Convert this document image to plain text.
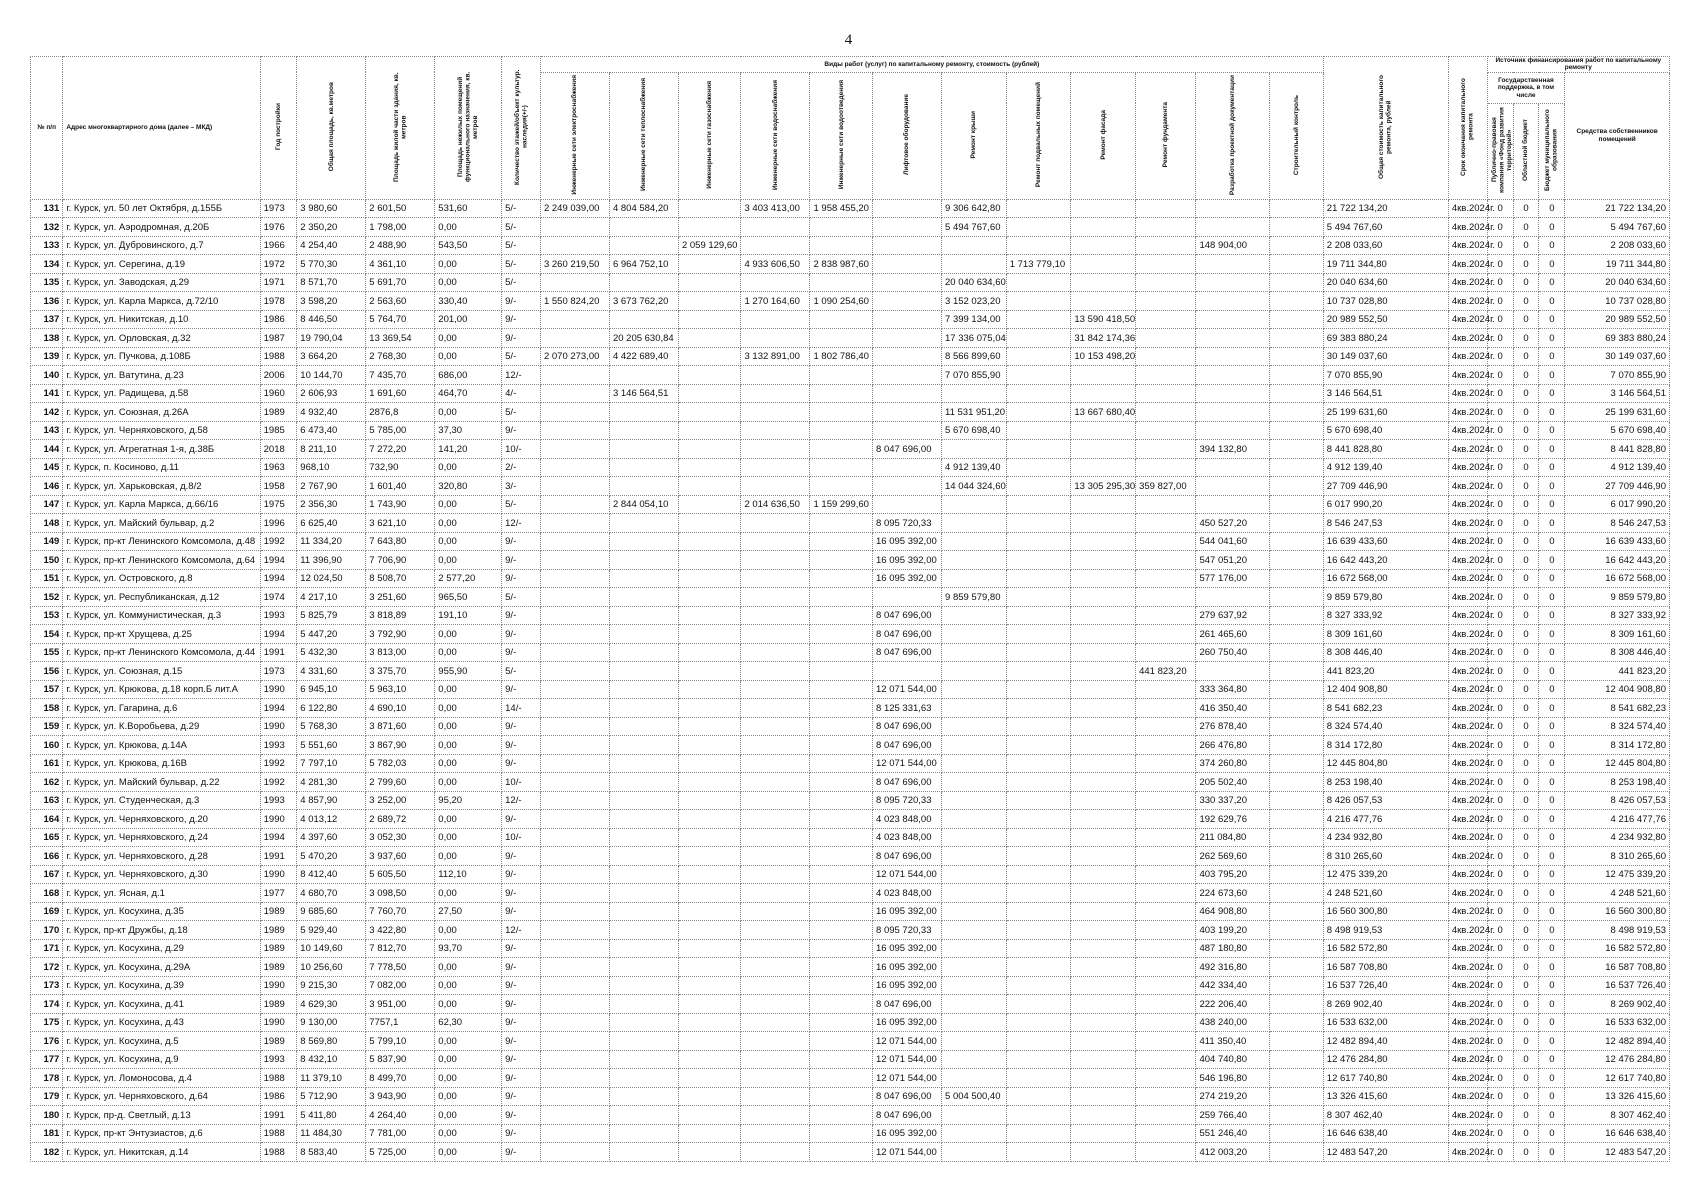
4
№ п/п	Адрес многоквартирного дома (далее – МКД)	Год постройки	Общая площадь, кв.метров	Площадь жилой части здания, кв. метров	Площадь нежилых помещений функционального назначения, кв. метров	Количество этажей/объект культур. наследия(+/-)	Виды работ (услуг) по капитальному ремонту, стоимость (рублей)												Общая стоимость капитального ремонта, рублей	Срок окончания капитального ремонта	Источник финансирования работ по капитальному ремонту			
							Инженерные сети электроснабжения	Инженерные сети теплоснабжения	Инженерные сети газоснабжения	Инженерные сети водоснабжения	Инженерные сети водоотведения	Лифтовое оборудование	Ремонт крыши	Ремонт подвальных помещений	Ремонт фасада	Ремонт фундамента	Разработка проектной документации	Строительный контроль			Государственная поддержка, в том числе			Средства собственников помещений
																					Публично-правовая компания «Фонд развития территорий»	Областной бюджет	Бюджет муниципального образования	
131	г. Курск, ул. 50 лет Октября, д.155Б	1973	3 980,60	2 601,50	531,60	5/-	2 249 039,00	4 804 584,20		3 403 413,00	1 958 455,20		9 306 642,80						21 722 134,20	4кв.2024г.	0	0	0	21 722 134,20
132	г. Курск, ул. Аэродромная, д.20Б	1976	2 350,20	1 798,00	0,00	5/-							5 494 767,60						5 494 767,60	4кв.2024г.	0	0	0	5 494 767,60
133	г. Курск, ул. Дубровинского, д.7	1966	4 254,40	2 488,90	543,50	5/-			2 059 129,60								148 904,00		2 208 033,60	4кв.2024г.	0	0	0	2 208 033,60
134	г. Курск, ул. Серегина, д.19	1972	5 770,30	4 361,10	0,00	5/-	3 260 219,50	6 964 752,10		4 933 606,50	2 838 987,60			1 713 779,10					19 711 344,80	4кв.2024г.	0	0	0	19 711 344,80
135	г. Курск, ул. Заводская, д.29	1971	8 571,70	5 691,70	0,00	5/-							20 040 634,60						20 040 634,60	4кв.2024г.	0	0	0	20 040 634,60
136	г. Курск, ул. Карла Маркса, д.72/10	1978	3 598,20	2 563,60	330,40	9/-	1 550 824,20	3 673 762,20		1 270 164,60	1 090 254,60		3 152 023,20						10 737 028,80	4кв.2024г.	0	0	0	10 737 028,80
137	г. Курск, ул. Никитская, д.10	1986	8 446,50	5 764,70	201,00	9/-							7 399 134,00		13 590 418,50				20 989 552,50	4кв.2024г.	0	0	0	20 989 552,50
138	г. Курск, ул. Орловская, д.32	1987	19 790,04	13 369,54	0,00	9/-		20 205 630,84					17 336 075,04		31 842 174,36				69 383 880,24	4кв.2024г.	0	0	0	69 383 880,24
139	г. Курск, ул. Пучкова, д.108Б	1988	3 664,20	2 768,30	0,00	5/-	2 070 273,00	4 422 689,40		3 132 891,00	1 802 786,40		8 566 899,60		10 153 498,20				30 149 037,60	4кв.2024г.	0	0	0	30 149 037,60
140	г. Курск, ул. Ватутина, д.23	2006	10 144,70	7 435,70	686,00	12/-							7 070 855,90						7 070 855,90	4кв.2024г.	0	0	0	7 070 855,90
141	г. Курск, ул. Радищева, д.58	1960	2 606,93	1 691,60	464,70	4/-		3 146 564,51											3 146 564,51	4кв.2024г.	0	0	0	3 146 564,51
142	г. Курск, ул. Союзная, д.26А	1989	4 932,40	2876,8	0,00	5/-							11 531 951,20		13 667 680,40				25 199 631,60	4кв.2024г.	0	0	0	25 199 631,60
143	г. Курск, ул. Черняховского, д.58	1985	6 473,40	5 785,00	37,30	9/-							5 670 698,40						5 670 698,40	4кв.2024г.	0	0	0	5 670 698,40
144	г. Курск, ул. Агрегатная 1-я, д.38Б	2018	8 211,10	7 272,20	141,20	10/-						8 047 696,00					394 132,80		8 441 828,80	4кв.2024г.	0	0	0	8 441 828,80
145	г. Курск, п. Косиново, д.11	1963	968,10	732,90	0,00	2/-							4 912 139,40						4 912 139,40	4кв.2024г.	0	0	0	4 912 139,40
146	г. Курск, ул. Харьковская, д.8/2	1958	2 767,90	1 601,40	320,80	3/-							14 044 324,60		13 305 295,30	359 827,00			27 709 446,90	4кв.2024г.	0	0	0	27 709 446,90
147	г. Курск, ул. Карла Маркса, д.66/16	1975	2 356,30	1 743,90	0,00	5/-		2 844 054,10		2 014 636,50	1 159 299,60								6 017 990,20	4кв.2024г.	0	0	0	6 017 990,20
148	г. Курск, ул. Майский бульвар, д.2	1996	6 625,40	3 621,10	0,00	12/-						8 095 720,33					450 527,20		8 546 247,53	4кв.2024г.	0	0	0	8 546 247,53
149	г. Курск, пр-кт Ленинского Комсомола, д.48	1992	11 334,20	7 643,80	0,00	9/-						16 095 392,00					544 041,60		16 639 433,60	4кв.2024г.	0	0	0	16 639 433,60
150	г. Курск, пр-кт Ленинского Комсомола, д.64	1994	11 396,90	7 706,90	0,00	9/-						16 095 392,00					547 051,20		16 642 443,20	4кв.2024г.	0	0	0	16 642 443,20
151	г. Курск, ул. Островского, д.8	1994	12 024,50	8 508,70	2 577,20	9/-						16 095 392,00					577 176,00		16 672 568,00	4кв.2024г.	0	0	0	16 672 568,00
152	г. Курск, ул. Республиканская, д.12	1974	4 217,10	3 251,60	965,50	5/-							9 859 579,80						9 859 579,80	4кв.2024г.	0	0	0	9 859 579,80
153	г. Курск, ул. Коммунистическая, д.3	1993	5 825,79	3 818,89	191,10	9/-						8 047 696,00					279 637,92		8 327 333,92	4кв.2024г.	0	0	0	8 327 333,92
154	г. Курск, пр-кт Хрущева, д.25	1994	5 447,20	3 792,90	0,00	9/-						8 047 696,00					261 465,60		8 309 161,60	4кв.2024г.	0	0	0	8 309 161,60
155	г. Курск, пр-кт Ленинского Комсомола, д.44	1991	5 432,30	3 813,00	0,00	9/-						8 047 696,00					260 750,40		8 308 446,40	4кв.2024г.	0	0	0	8 308 446,40
156	г. Курск, ул. Союзная, д.15	1973	4 331,60	3 375,70	955,90	5/-										441 823,20			441 823,20	4кв.2024г.	0	0	0	441 823,20
157	г. Курск, ул. Крюкова, д.18 корп.Б лит.А	1990	6 945,10	5 963,10	0,00	9/-						12 071 544,00					333 364,80		12 404 908,80	4кв.2024г.	0	0	0	12 404 908,80
158	г. Курск, ул. Гагарина, д.6	1994	6 122,80	4 690,10	0,00	14/-						8 125 331,63					416 350,40		8 541 682,23	4кв.2024г.	0	0	0	8 541 682,23
159	г. Курск, ул. К.Воробьева, д.29	1990	5 768,30	3 871,60	0,00	9/-						8 047 696,00					276 878,40		8 324 574,40	4кв.2024г.	0	0	0	8 324 574,40
160	г. Курск, ул. Крюкова, д.14А	1993	5 551,60	3 867,90	0,00	9/-						8 047 696,00					266 476,80		8 314 172,80	4кв.2024г.	0	0	0	8 314 172,80
161	г. Курск, ул. Крюкова, д.16В	1992	7 797,10	5 782,03	0,00	9/-						12 071 544,00					374 260,80		12 445 804,80	4кв.2024г.	0	0	0	12 445 804,80
162	г. Курск, ул. Майский бульвар, д.22	1992	4 281,30	2 799,60	0,00	10/-						8 047 696,00					205 502,40		8 253 198,40	4кв.2024г.	0	0	0	8 253 198,40
163	г. Курск, ул. Студенческая, д.3	1993	4 857,90	3 252,00	95,20	12/-						8 095 720,33					330 337,20		8 426 057,53	4кв.2024г.	0	0	0	8 426 057,53
164	г. Курск, ул. Черняховского, д.20	1990	4 013,12	2 689,72	0,00	9/-						4 023 848,00					192 629,76		4 216 477,76	4кв.2024г.	0	0	0	4 216 477,76
165	г. Курск, ул. Черняховского, д.24	1994	4 397,60	3 052,30	0,00	10/-						4 023 848,00					211 084,80		4 234 932,80	4кв.2024г.	0	0	0	4 234 932,80
166	г. Курск, ул. Черняховского, д.28	1991	5 470,20	3 937,60	0,00	9/-						8 047 696,00					262 569,60		8 310 265,60	4кв.2024г.	0	0	0	8 310 265,60
167	г. Курск, ул. Черняховского, д.30	1990	8 412,40	5 605,50	112,10	9/-						12 071 544,00					403 795,20		12 475 339,20	4кв.2024г.	0	0	0	12 475 339,20
168	г. Курск, ул. Ясная, д.1	1977	4 680,70	3 098,50	0,00	9/-						4 023 848,00					224 673,60		4 248 521,60	4кв.2024г.	0	0	0	4 248 521,60
169	г. Курск, ул. Косухина, д.35	1989	9 685,60	7 760,70	27,50	9/-						16 095 392,00					464 908,80		16 560 300,80	4кв.2024г.	0	0	0	16 560 300,80
170	г. Курск, пр-кт Дружбы, д.18	1989	5 929,40	3 422,80	0,00	12/-						8 095 720,33					403 199,20		8 498 919,53	4кв.2024г.	0	0	0	8 498 919,53
171	г. Курск, ул. Косухина, д.29	1989	10 149,60	7 812,70	93,70	9/-						16 095 392,00					487 180,80		16 582 572,80	4кв.2024г.	0	0	0	16 582 572,80
172	г. Курск, ул. Косухина, д.29А	1989	10 256,60	7 778,50	0,00	9/-						16 095 392,00					492 316,80		16 587 708,80	4кв.2024г.	0	0	0	16 587 708,80
173	г. Курск, ул. Косухина, д.39	1990	9 215,30	7 082,00	0,00	9/-						16 095 392,00					442 334,40		16 537 726,40	4кв.2024г.	0	0	0	16 537 726,40
174	г. Курск, ул. Косухина, д.41	1989	4 629,30	3 951,00	0,00	9/-						8 047 696,00					222 206,40		8 269 902,40	4кв.2024г.	0	0	0	8 269 902,40
175	г. Курск, ул. Косухина, д.43	1990	9 130,00	7757,1	62,30	9/-						16 095 392,00					438 240,00		16 533 632,00	4кв.2024г.	0	0	0	16 533 632,00
176	г. Курск, ул. Косухина, д.5	1989	8 569,80	5 799,10	0,00	9/-						12 071 544,00					411 350,40		12 482 894,40	4кв.2024г.	0	0	0	12 482 894,40
177	г. Курск, ул. Косухина, д.9	1993	8 432,10	5 837,90	0,00	9/-						12 071 544,00					404 740,80		12 476 284,80	4кв.2024г.	0	0	0	12 476 284,80
178	г. Курск, ул. Ломоносова, д.4	1988	11 379,10	8 499,70	0,00	9/-						12 071 544,00					546 196,80		12 617 740,80	4кв.2024г.	0	0	0	12 617 740,80
179	г. Курск, ул. Черняховского, д.64	1986	5 712,90	3 943,90	0,00	9/-						8 047 696,00	5 004 500,40				274 219,20		13 326 415,60	4кв.2024г.	0	0	0	13 326 415,60
180	г. Курск, пр-д. Светлый, д.13	1991	5 411,80	4 264,40	0,00	9/-						8 047 696,00					259 766,40		8 307 462,40	4кв.2024г.	0	0	0	8 307 462,40
181	г. Курск, пр-кт Энтузиастов, д.6	1988	11 484,30	7 781,00	0,00	9/-						16 095 392,00					551 246,40		16 646 638,40	4кв.2024г.	0	0	0	16 646 638,40
182	г. Курск, ул. Никитская, д.14	1988	8 583,40	5 725,00	0,00	9/-						12 071 544,00					412 003,20		12 483 547,20	4кв.2024г.	0	0	0	12 483 547,20
